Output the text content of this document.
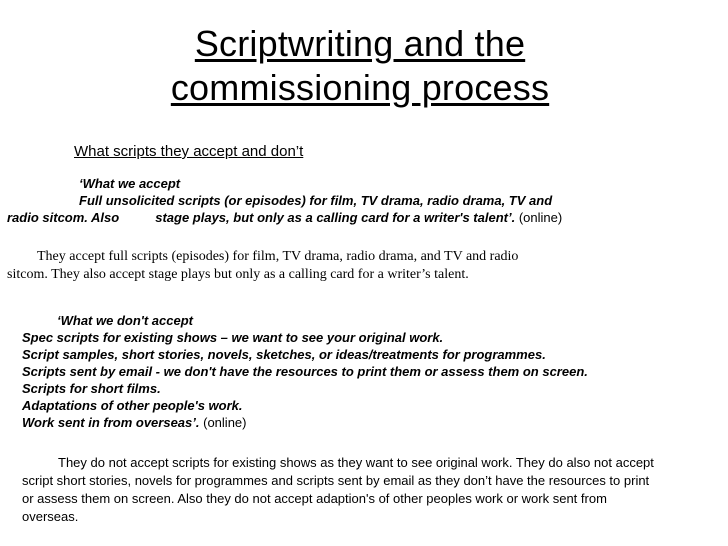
Scriptwriting and the
commissioning process
What scripts they accept and don’t
‘What we accept
Full unsolicited scripts (or episodes) for film, TV drama, radio drama, TV and
radio sitcom. Also	stage plays, but only as a calling card for a writer's talent’. (online)
They accept full scripts (episodes) for film, TV drama, radio drama, and TV and radio
sitcom. They also accept stage plays but only as a calling card for a writer’s talent.
‘What we don't accept
Spec scripts for existing shows – we want to see your original work.
Script samples, short stories, novels, sketches, or ideas/treatments for programmes.
Scripts sent by email - we don't have the resources to print them or assess them on screen.
Scripts for short films.
Adaptations of other people's work.
Work sent in from overseas’. (online)
They do not accept scripts for existing shows as they want to see original work. They do also not accept
script short stories, novels for programmes and scripts sent by email as they don’t have the resources to print
or assess them on screen. Also they do not accept adaption's of other peoples work or work sent from
overseas.
